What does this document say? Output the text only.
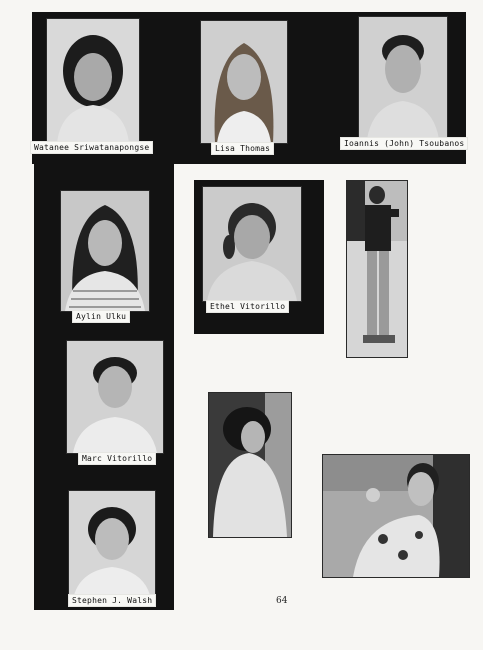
Watanee Sriwatanapongse	Lisa Thomas
Ioannis (John) Tsoubanos
Aylin Ulku
Ethel Vitorillo
Marc Vitorillo
Stephen J. Walsh	64
